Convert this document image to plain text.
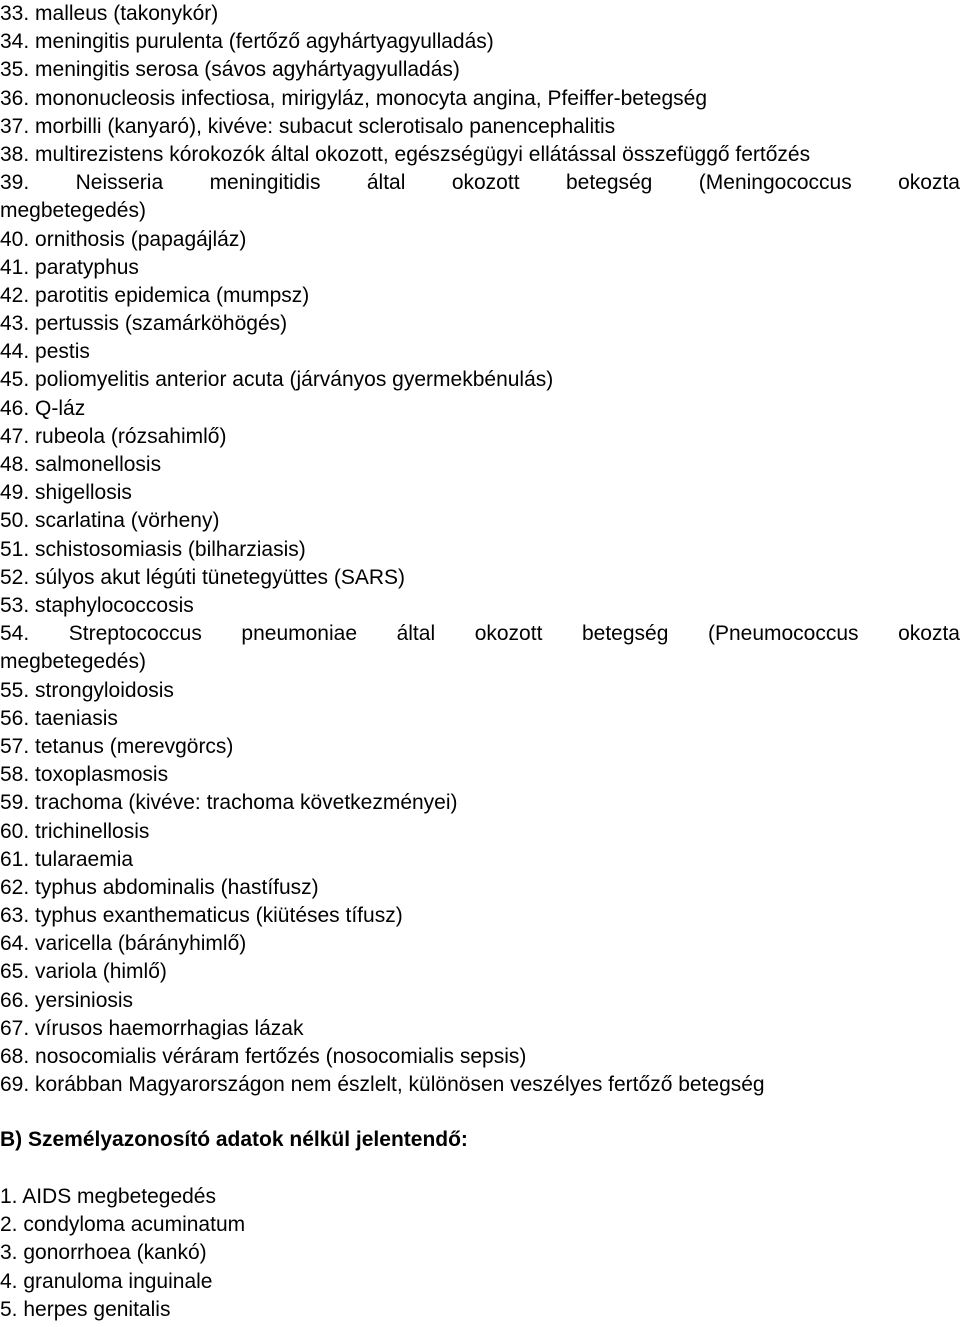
33. malleus (takonykór)
34. meningitis purulenta (fertőző agyhártyagyulladás)
35. meningitis serosa (sávos agyhártyagyulladás)
36. mononucleosis infectiosa, mirigyláz, monocyta angina, Pfeiffer-betegség
37. morbilli (kanyaró), kivéve: subacut sclerotisalo panencephalitis
38. multirezistens kórokozók által okozott, egészségügyi ellátással összefüggő fertőzés
39. Neisseria meningitidis által okozott betegség (Meningococcus okozta
megbetegedés)
40. ornithosis (papagájláz)
41. paratyphus
42. parotitis epidemica (mumpsz)
43. pertussis (szamárköhögés)
44. pestis
45. poliomyelitis anterior acuta (járványos gyermekbénulás)
46. Q-láz
47. rubeola (rózsahimlő)
48. salmonellosis
49. shigellosis
50. scarlatina (vörheny)
51. schistosomiasis (bilharziasis)
52. súlyos akut légúti tünetegyüttes (SARS)
53. staphylococcosis
54. Streptococcus pneumoniae által okozott betegség (Pneumococcus okozta
megbetegedés)
55. strongyloidosis
56. taeniasis
57. tetanus (merevgörcs)
58. toxoplasmosis
59. trachoma (kivéve: trachoma következményei)
60. trichinellosis
61. tularaemia
62. typhus abdominalis (hastífusz)
63. typhus exanthematicus (kiütéses tífusz)
64. varicella (bárányhimlő)
65. variola (himlő)
66. yersiniosis
67. vírusos haemorrhagias lázak
68. nosocomialis véráram fertőzés (nosocomialis sepsis)
69. korábban Magyarországon nem észlelt, különösen veszélyes fertőző betegség
B) Személyazonosító adatok nélkül jelentendő:
1. AIDS megbetegedés
2. condyloma acuminatum
3. gonorrhoea (kankó)
4. granuloma inguinale
5. herpes genitalis
